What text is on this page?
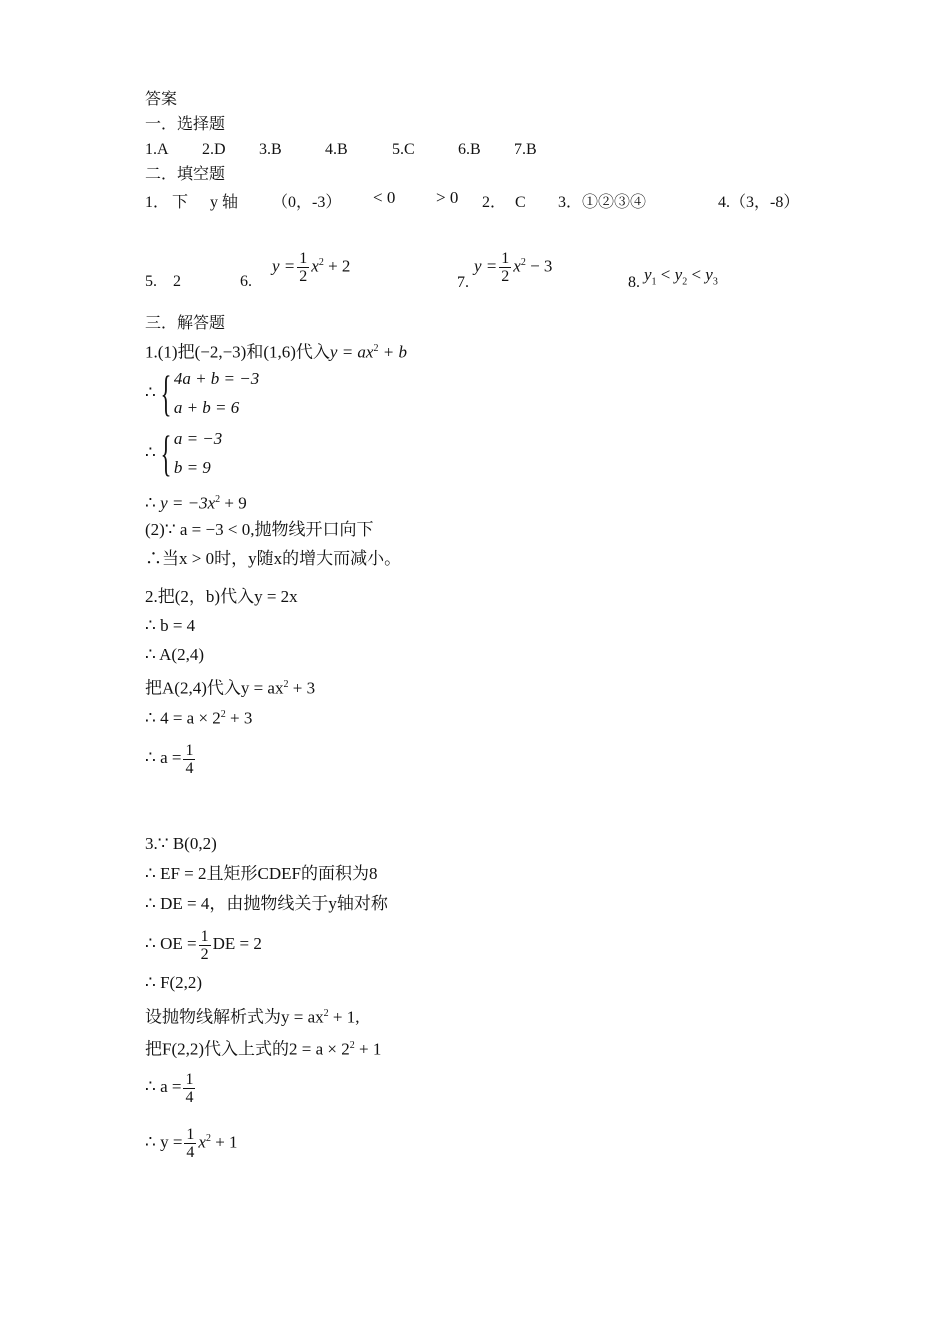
答案
一．选择题
1.A 2.D 3.B	4.B	5.C	6.B 7.B
二．填空题
1． 下 y 轴 （0，-3） < 0 > 0 2． C 3．①②③④	4.（3，-8）
5. 2	6.
$y = \frac{1}{2} x^2 + 2$
7.
$y = \frac{1}{2} x^2 - 3$
8. $y_1 < y_2 < y_3$
三．解答题
1.(1)把(−2,−3)和(1,6)代入$y = ax^2 + b$
∴ { 4a + b = −3
a + b = 6
∴ { a = −3
b = 9
∴ $y = -3x^2 + 9$
(2)∵ a = −3 < 0,抛物线开口向下
∴当x > 0时，y随x的增大而减小。
2.把(2，b)代入y = 2x
∴ b = 4
∴ A(2,4)
把A(2,4)代入$y = ax^2 + 3$
∴ $4 = a \times 2^2 + 3$
∴ $a = \frac{1}{4}$
3.∵ B(0,2)
∴ EF = 2且矩形CDEF的面积为8
∴ DE = 4，由抛物线关于y轴对称
∴ OE = $\frac{1}{2}$ DE = 2
∴ F(2,2)
设抛物线解析式为$y = ax^2 + 1$,
把F(2,2)代入上式的$2 = a \times 2^2 + 1$
∴ $a = \frac{1}{4}$
∴ $y = \frac{1}{4} x^2 + 1$
